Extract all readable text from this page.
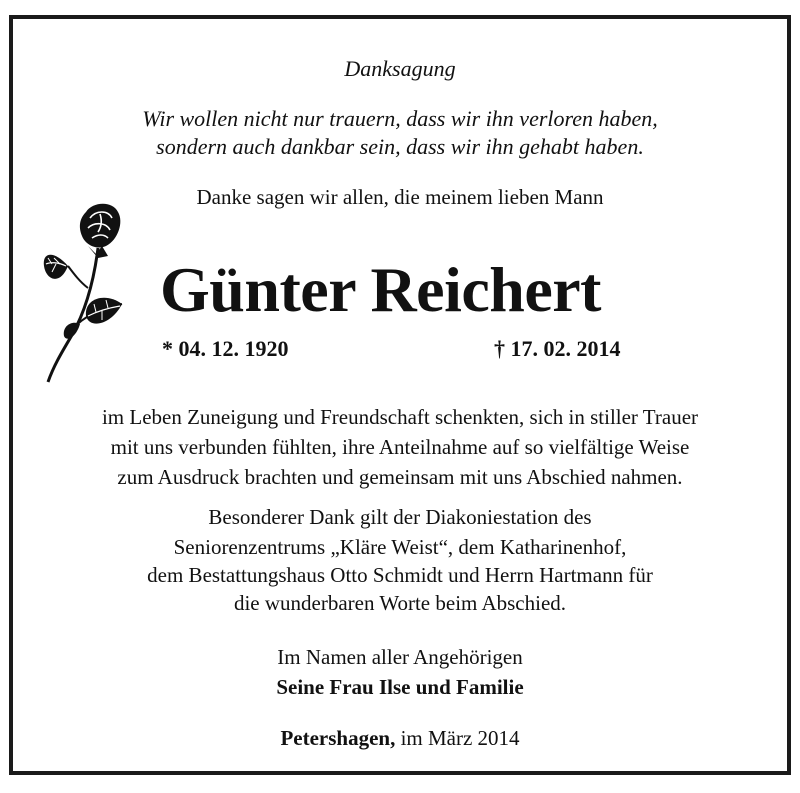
Danksagung
Wir wollen nicht nur trauern, dass wir ihn verloren haben,
sondern auch dankbar sein, dass wir ihn gehabt haben.
Danke sagen wir allen, die meinem lieben Mann
Günter Reichert
* 04. 12. 1920	† 17. 02. 2014
im Leben Zuneigung und Freundschaft schenkten, sich in stiller Trauer
mit uns verbunden fühlten, ihre Anteilnahme auf so vielfältige Weise
zum Ausdruck brachten und gemeinsam mit uns Abschied nahmen.
Besonderer Dank gilt der Diakoniestation des
Seniorenzentrums „Kläre Weist“, dem Katharinenhof,
dem Bestattungshaus Otto Schmidt und Herrn Hartmann für
die wunderbaren Worte beim Abschied.
Im Namen aller Angehörigen
Seine Frau Ilse und Familie
Petershagen, im März 2014
